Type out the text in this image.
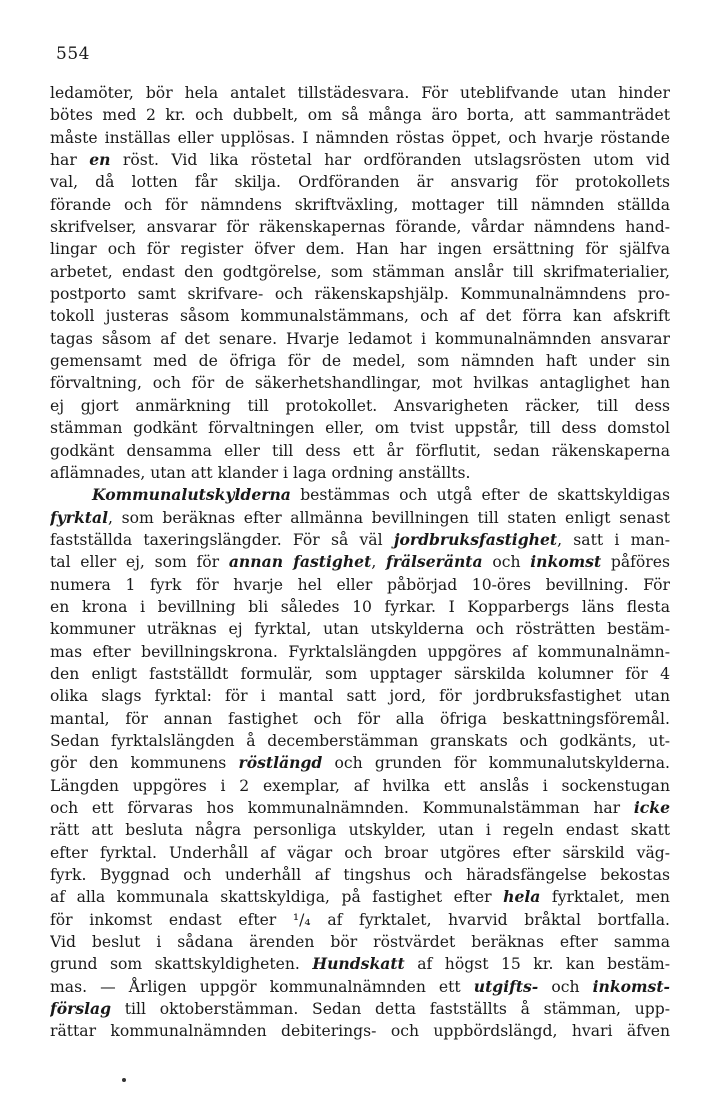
554
ledamöter, bör hela antalet tillstädesvara. För uteblifvande utan hinder
bötes med 2 kr. och dubbelt, om så många äro borta, att sammanträdet
måste inställas eller upplösas. I nämnden röstas öppet, och hvarje röstande
har en röst. Vid lika röstetal har ordföranden utslagsrösten utom vid
val, då lotten får skilja. Ordföranden är ansvarig för protokollets
förande och för nämndens skriftväxling, mottager till nämnden ställda
skrifvelser, ansvarar för räkenskapernas förande, vårdar nämndens hand-
lingar och för register öfver dem. Han har ingen ersättning för själfva
arbetet, endast den godtgörelse, som stämman anslår till skrifmaterialier,
postporto samt skrifvare- och räkenskapshjälp. Kommunalnämndens pro-
tokoll justeras såsom kommunalstämmans, och af det förra kan afskrift
tagas såsom af det senare. Hvarje ledamot i kommunalnämnden ansvarar
gemensamt med de öfriga för de medel, som nämnden haft under sin
förvaltning, och för de säkerhetshandlingar, mot hvilkas antaglighet han
ej gjort anmärkning till protokollet. Ansvarigheten räcker, till dess
stämman godkänt förvaltningen eller, om tvist uppstår, till dess domstol
godkänt densamma eller till dess ett år förflutit, sedan räkenskaperna
aflämnades, utan att klander i laga ordning anställts.
Kommunalutskylderna bestämmas och utgå efter de skattskyldigas
fyrktal, som beräknas efter allmänna bevillningen till staten enligt senast
fastställda taxeringslängder. För så väl jordbruksfastighet, satt i man-
tal eller ej, som för annan fastighet, frälseränta och inkomst påföres
numera 1 fyrk för hvarje hel eller påbörjad 10-öres bevillning. För
en krona i bevillning bli således 10 fyrkar. I Kopparbergs läns flesta
kommuner uträknas ej fyrktal, utan utskylderna och rösträtten bestäm-
mas efter bevillningskrona. Fyrktalslängden uppgöres af kommunalnämn-
den enligt fastställdt formulär, som upptager särskilda kolumner för 4
olika slags fyrktal: för i mantal satt jord, för jordbruksfastighet utan
mantal, för annan fastighet och för alla öfriga beskattningsföremål.
Sedan fyrktalslängden å decemberstämman granskats och godkänts, ut-
gör den kommunens röstlängd och grunden för kommunalutskylderna.
Längden uppgöres i 2 exemplar, af hvilka ett anslås i sockenstugan
och ett förvaras hos kommunalnämnden. Kommunalstämman har icke
rätt att besluta några personliga utskylder, utan i regeln endast skatt
efter fyrktal. Underhåll af vägar och broar utgöres efter särskild väg-
fyrk. Byggnad och underhåll af tingshus och häradsfängelse bekostas
af alla kommunala skattskyldiga, på fastighet efter hela fyrktalet, men
för inkomst endast efter ¹/₄ af fyrktalet, hvarvid bråktal bortfalla.
Vid beslut i sådana ärenden bör röstvärdet beräknas efter samma
grund som skattskyldigheten. Hundskatt af högst 15 kr. kan bestäm-
mas. — Årligen uppgör kommunalnämnden ett utgifts- och inkomst-
förslag till oktoberstämman. Sedan detta fastställts å stämman, upp-
rättar kommunalnämnden debiterings- och uppbördslängd, hvari äfven
